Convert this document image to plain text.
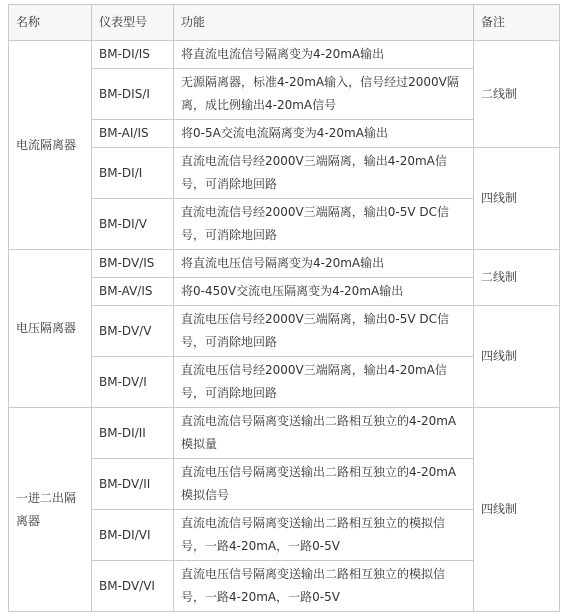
名称	仪表型号	功能	备注
电流隔离器	BM-DI/IS	将直流电流信号隔离变为4-20mA输出	二线制
	BM-DIS/I	无源隔离器，标准4-20mA输入，信号经过2000V隔离，成比例输出4-20mA信号	
	BM-AI/IS	将0-5A交流电流隔离变为4-20mA输出	
	BM-DI/I	直流电流信号经2000V三端隔离，输出4-20mA信号，可消除地回路	四线制
	BM-DI/V	直流电流信号经2000V三端隔离，输出0-5V DC信号，可消除地回路	
电压隔离器	BM-DV/IS	将直流电压信号隔离变为4-20mA输出	二线制
	BM-AV/IS	将0-450V交流电压隔离变为4-20mA输出	
	BM-DV/V	直流电压信号经2000V三端隔离，输出0-5V DC信号，可消除地回路	四线制
	BM-DV/I	直流电压信号经2000V三端隔离，输出4-20mA信号，可消除地回路	
一进二出隔离器	BM-DI/II	直流电流信号隔离变送输出二路相互独立的4-20mA模拟量	四线制
	BM-DV/II	直流电压信号隔离变送输出二路相互独立的4-20mA模拟信号	
	BM-DI/VI	直流电流信号隔离变送输出二路相互独立的模拟信号，一路4-20mA，一路0-5V	
	BM-DV/VI	直流电压信号隔离变送输出二路相互独立的模拟信号，一路4-20mA，一路0-5V	
